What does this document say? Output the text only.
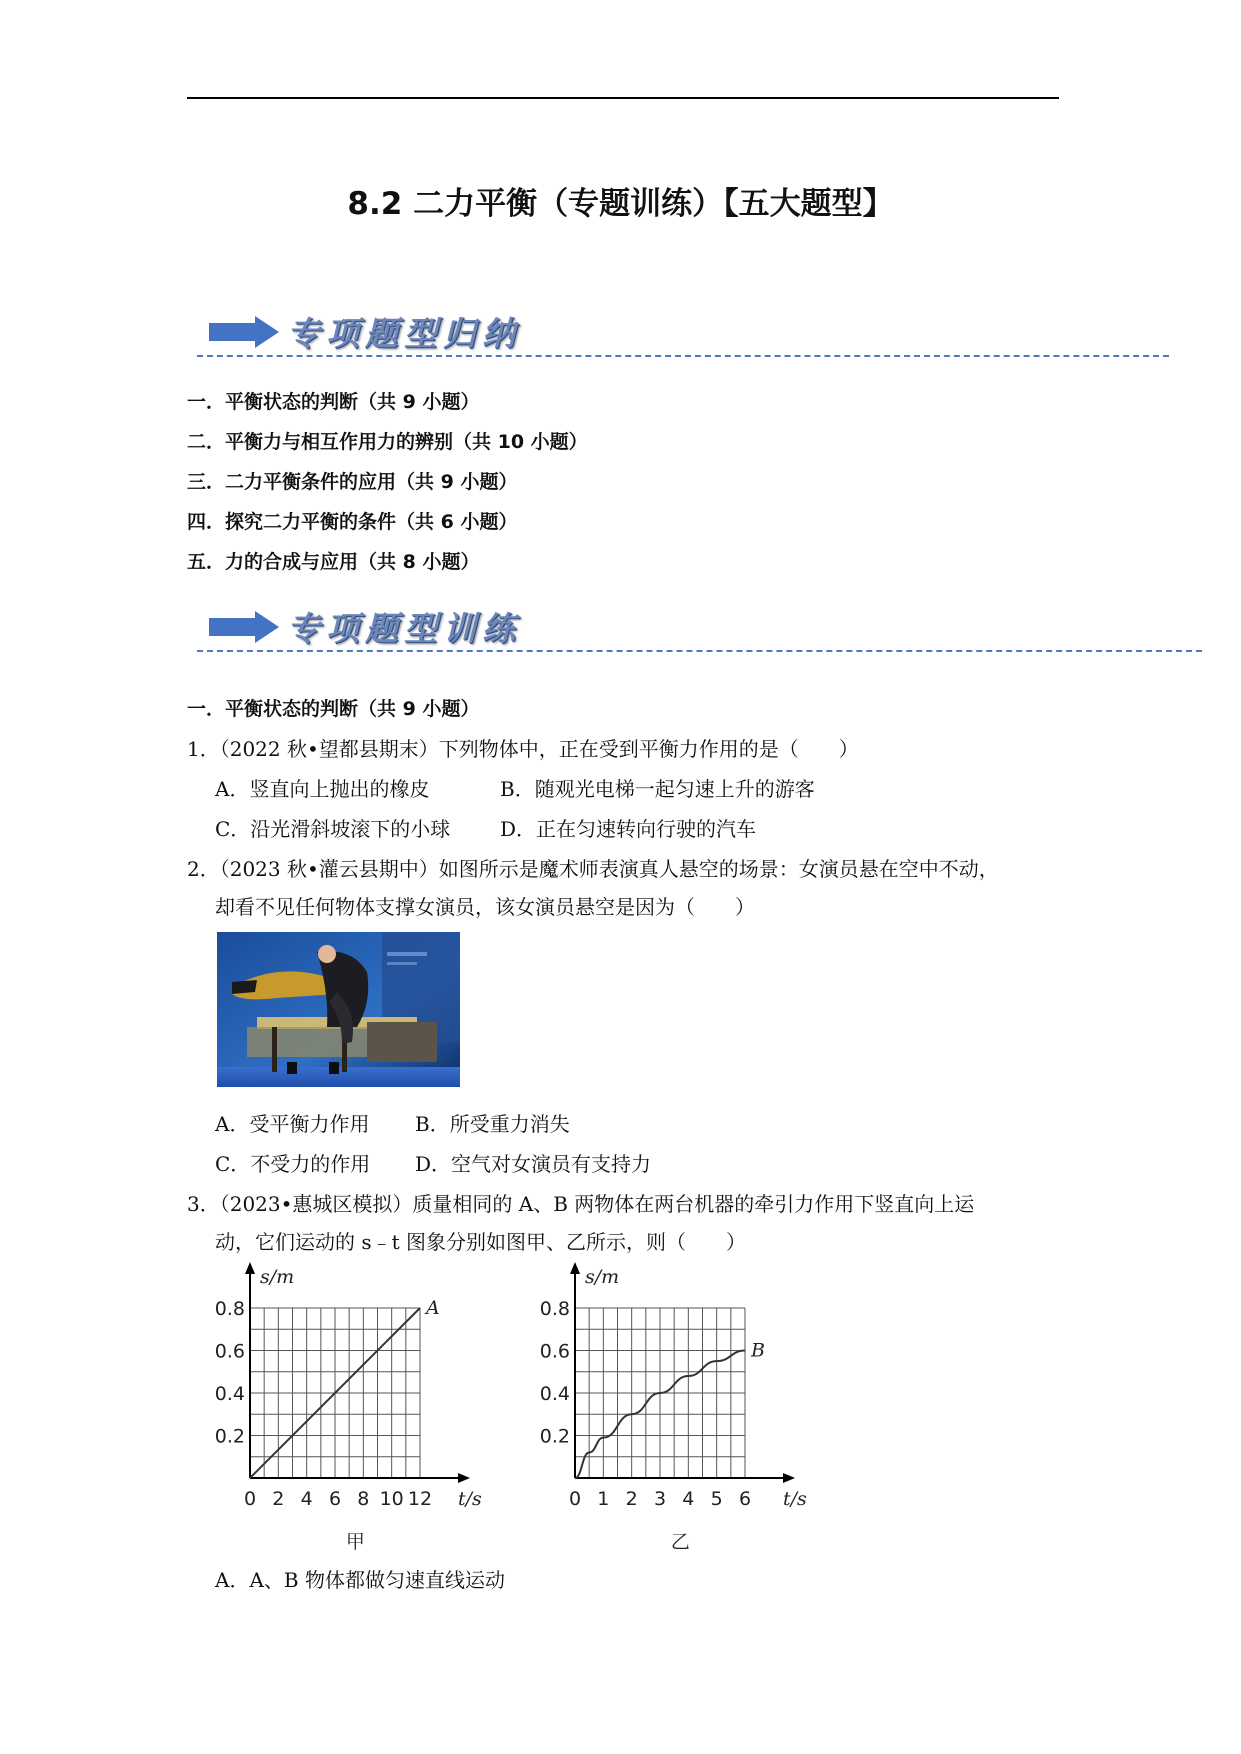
8.2 二力平衡（专题训练）【五大题型】
专项题型归纳
一．平衡状态的判断（共 9 小题）
二．平衡力与相互作用力的辨别（共 10 小题）
三．二力平衡条件的应用（共 9 小题）
四．探究二力平衡的条件（共 6 小题）
五．力的合成与应用（共 8 小题）
专项题型训练
一．平衡状态的判断（共 9 小题）
1．（2022 秋•望都县期末）下列物体中，正在受到平衡力作用的是（　　）
A．竖直向上抛出的橡皮	B．随观光电梯一起匀速上升的游客
C．沿光滑斜坡滚下的小球 D．正在匀速转向行驶的汽车
2．（2023 秋•灌云县期中）如图所示是魔术师表演真人悬空的场景：女演员悬在空中不动，
却看不见任何物体支撑女演员，该女演员悬空是因为（　　）
A．受平衡力作用 B．所受重力消失
C．不受力的作用 D．空气对女演员有支持力
3．（2023•惠城区模拟）质量相同的 A、B 两物体在两台机器的牵引力作用下竖直向上运
动，它们运动的 s﹣t 图象分别如图甲、乙所示，则（　　）
0 2 4 6 8 10 12
0.2
0.4
0.6
0.8	A
s/m
t/s
甲
0 1 2 3 4 5 6
0.2
0.4
0.6
0.8
B
s/m
t/s
乙
A．A、B 物体都做匀速直线运动
